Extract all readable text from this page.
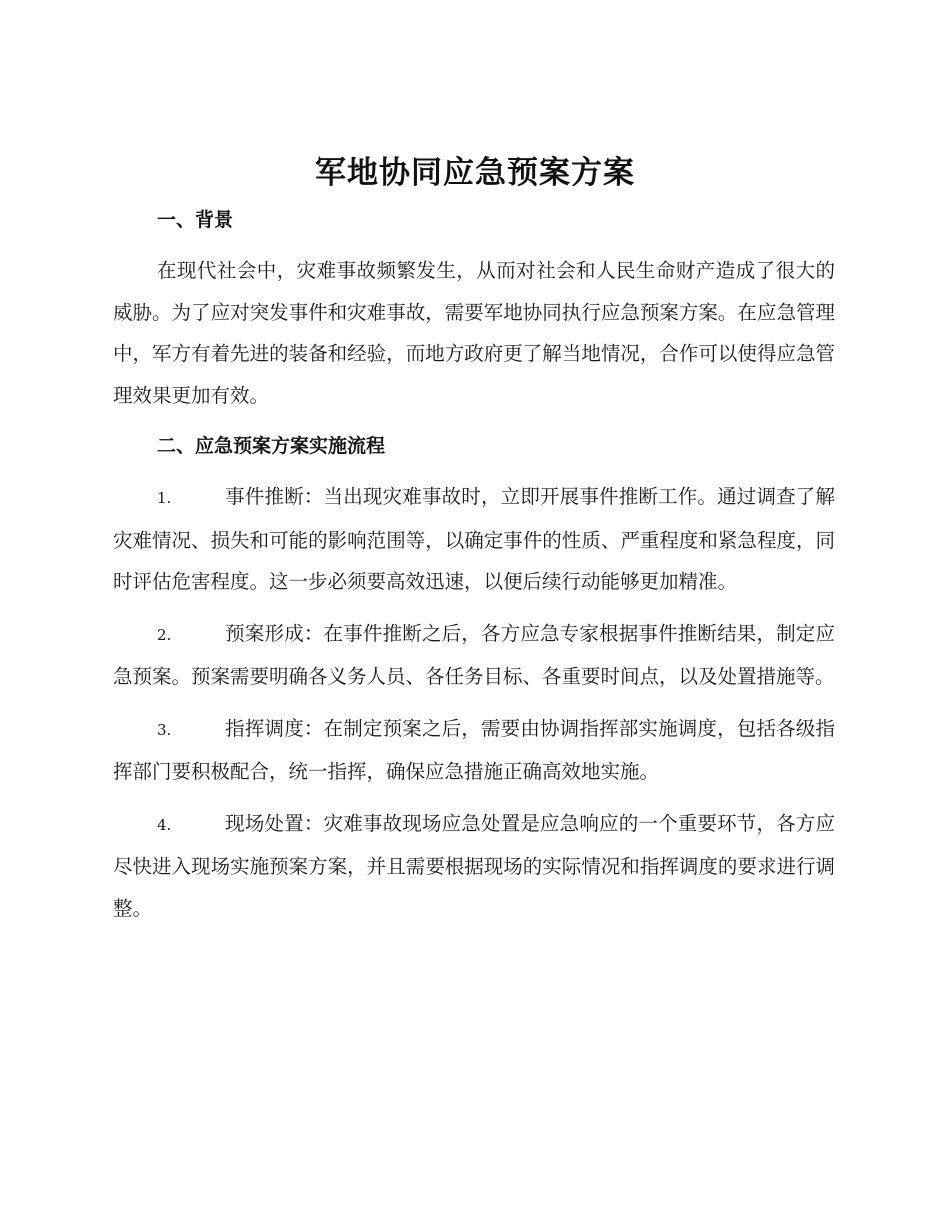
军地协同应急预案方案
一、背景

在现代社会中，灾难事故频繁发生，从而对社会和人民生命财产造成了很大的威胁。为了应对突发事件和灾难事故，需要军地协同执行应急预案方案。在应急管理中，军方有着先进的装备和经验，而地方政府更了解当地情况，合作可以使得应急管理效果更加有效。

二、应急预案方案实施流程

1.	事件推断：当出现灾难事故时，立即开展事件推断工作。通过调查了解灾难情况、损失和可能的影响范围等，以确定事件的性质、严重程度和紧急程度，同时评估危害程度。这一步必须要高效迅速，以便后续行动能够更加精准。

2.	预案形成：在事件推断之后，各方应急专家根据事件推断结果，制定应急预案。预案需要明确各义务人员、各任务目标、各重要时间点，以及处置措施等。

3.	指挥调度：在制定预案之后，需要由协调指挥部实施调度，包括各级指挥部门要积极配合，统一指挥，确保应急措施正确高效地实施。

4.	现场处置：灾难事故现场应急处置是应急响应的一个重要环节，各方应尽快进入现场实施预案方案，并且需要根据现场的实际情况和指挥调度的要求进行调整。
